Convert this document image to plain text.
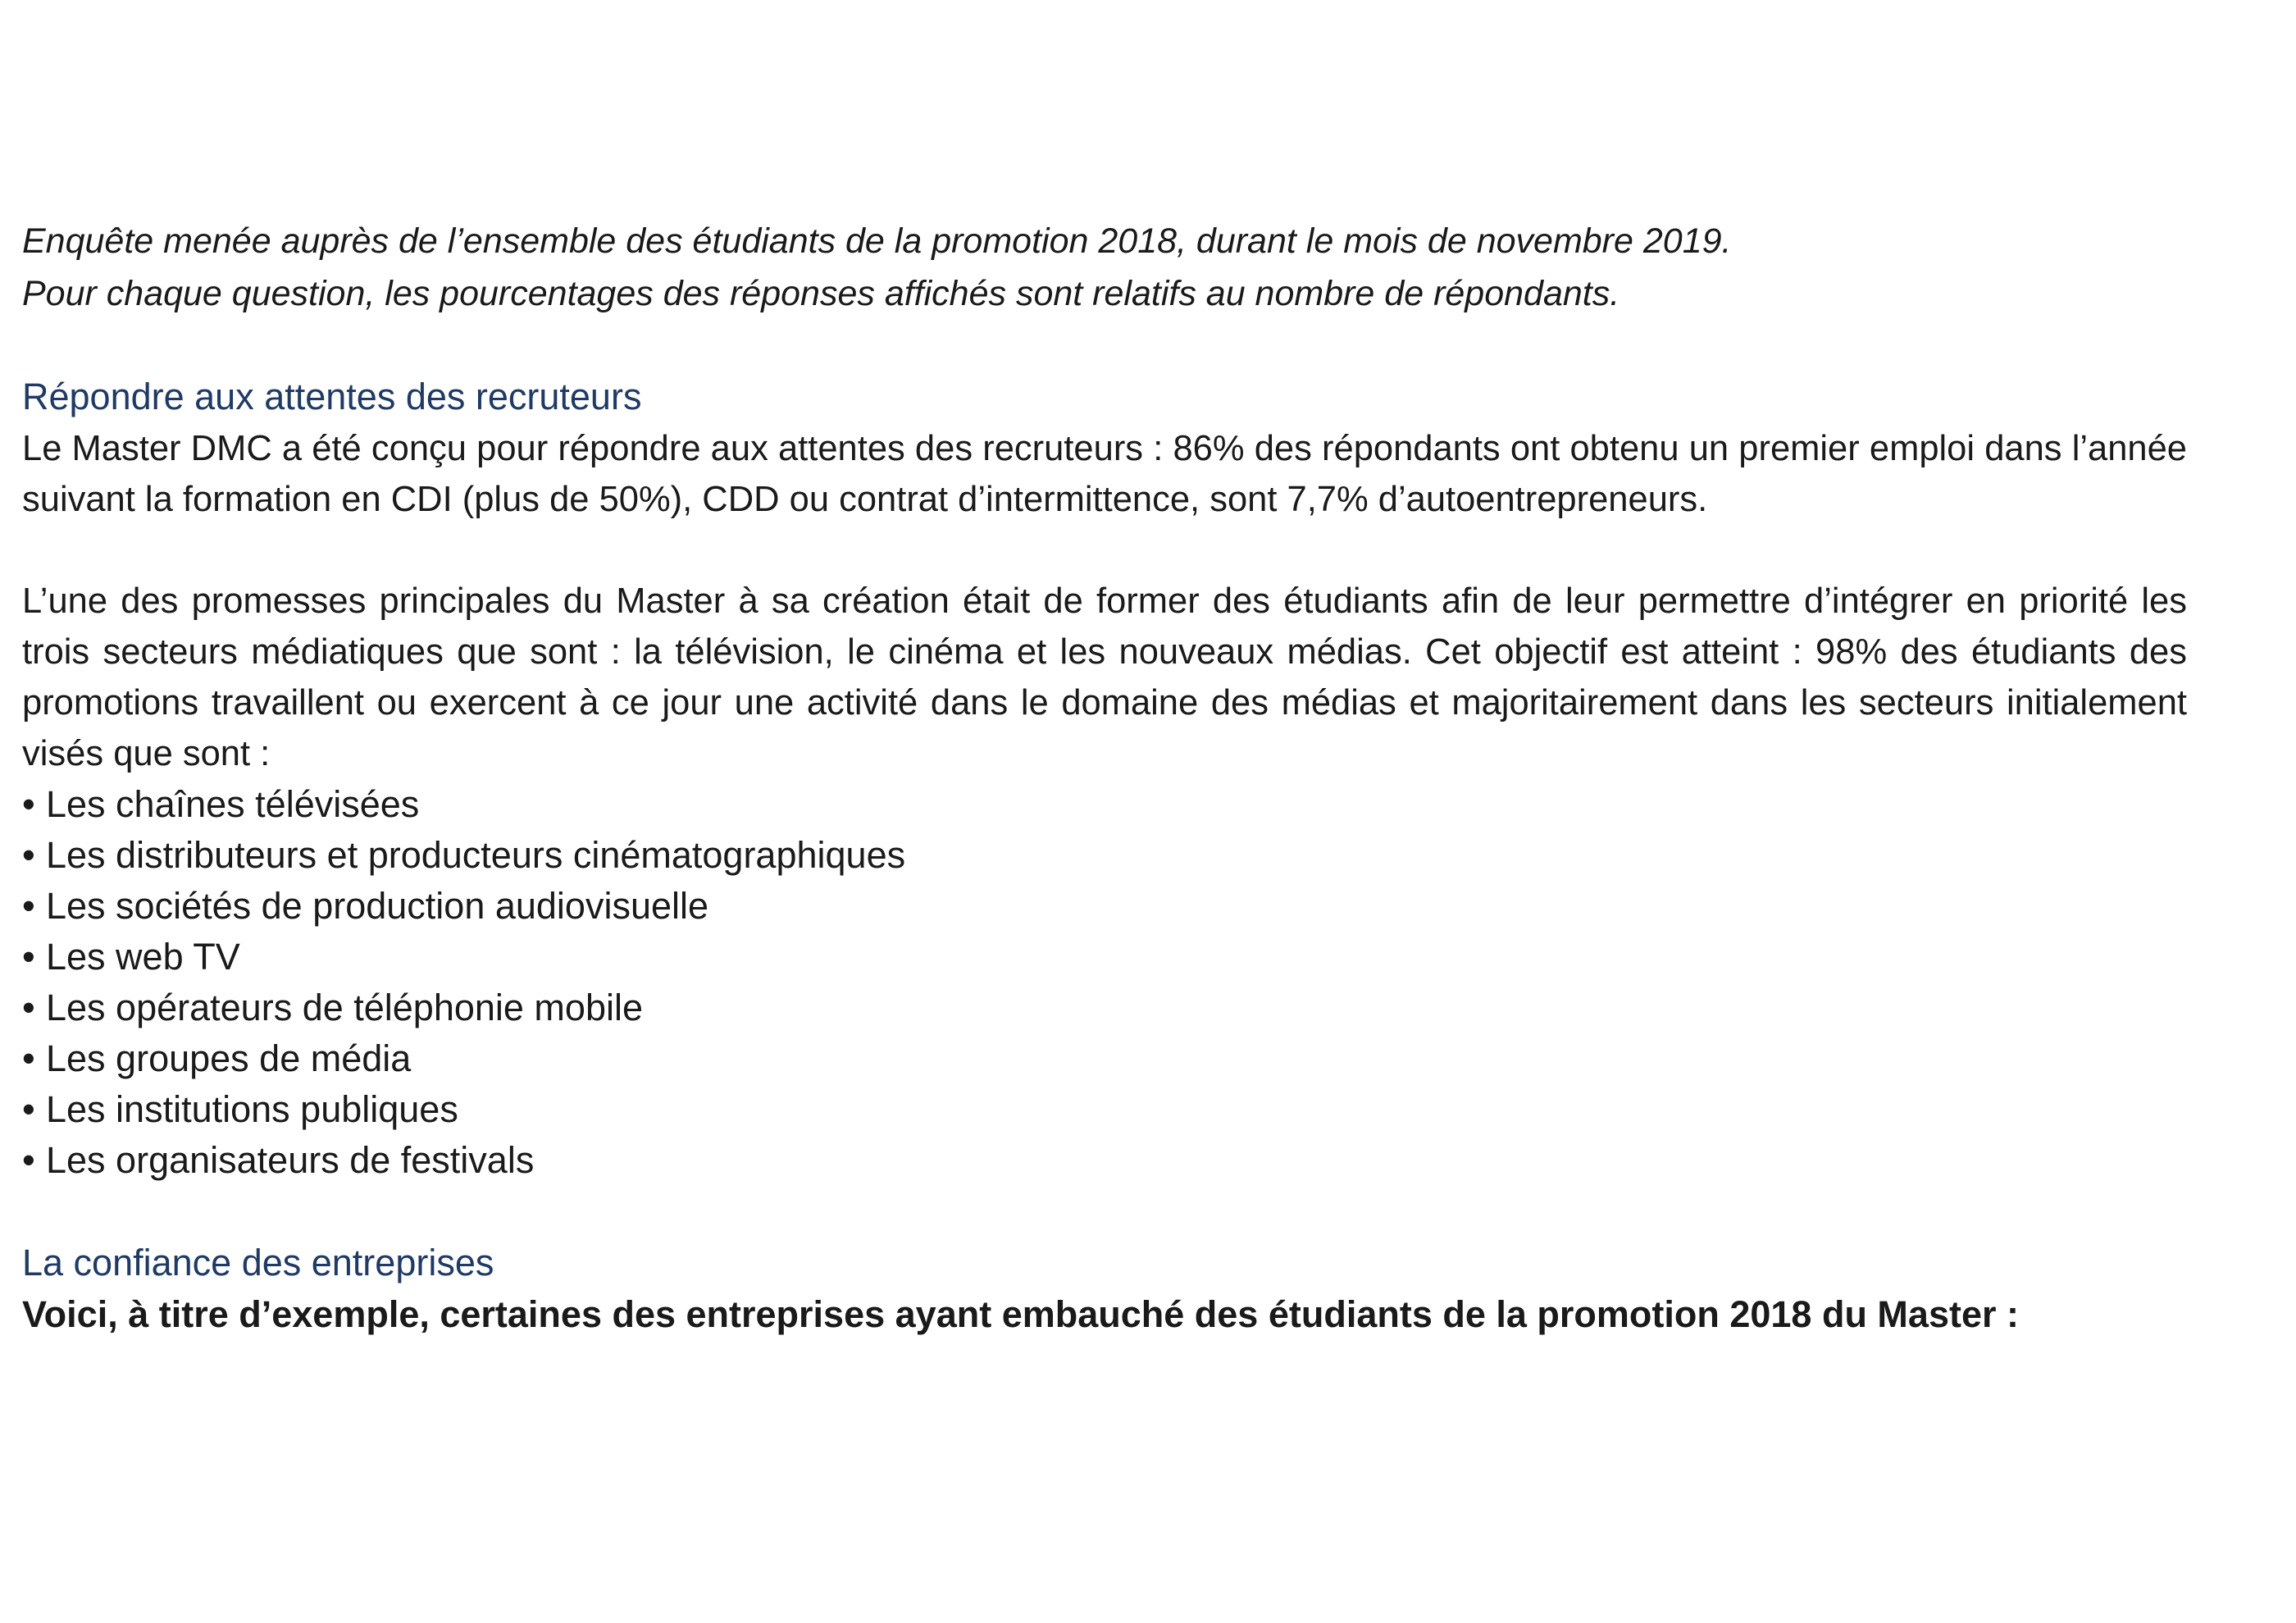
Enquête menée auprès de l’ensemble des étudiants de la promotion 2018, durant le mois de novembre 2019.

Pour chaque question, les pourcentages des réponses affichés sont relatifs au nombre de répondants.

Répondre aux attentes des recruteurs

Le Master DMC a été conçu pour répondre aux attentes des recruteurs : 86% des répondants ont obtenu un premier emploi dans l’année suivant la formation en CDI (plus de 50%), CDD ou contrat d’intermittence, sont 7,7% d’autoentrepreneurs.

L’une des promesses principales du Master à sa création était de former des étudiants afin de leur permettre d’intégrer en priorité les trois secteurs médiatiques que sont : la télévision, le cinéma et les nouveaux médias. Cet objectif est atteint : 98% des étudiants des promotions travaillent ou exercent à ce jour une activité dans le domaine des médias et majoritairement dans les secteurs initialement visés que sont :

• Les chaînes télévisées
• Les distributeurs et producteurs cinématographiques
• Les sociétés de production audiovisuelle
• Les web TV
• Les opérateurs de téléphonie mobile
• Les groupes de média
• Les institutions publiques
• Les organisateurs de festivals
La confiance des entreprises

Voici, à titre d’exemple, certaines des entreprises ayant embauché des étudiants de la promotion 2018 du Master :
